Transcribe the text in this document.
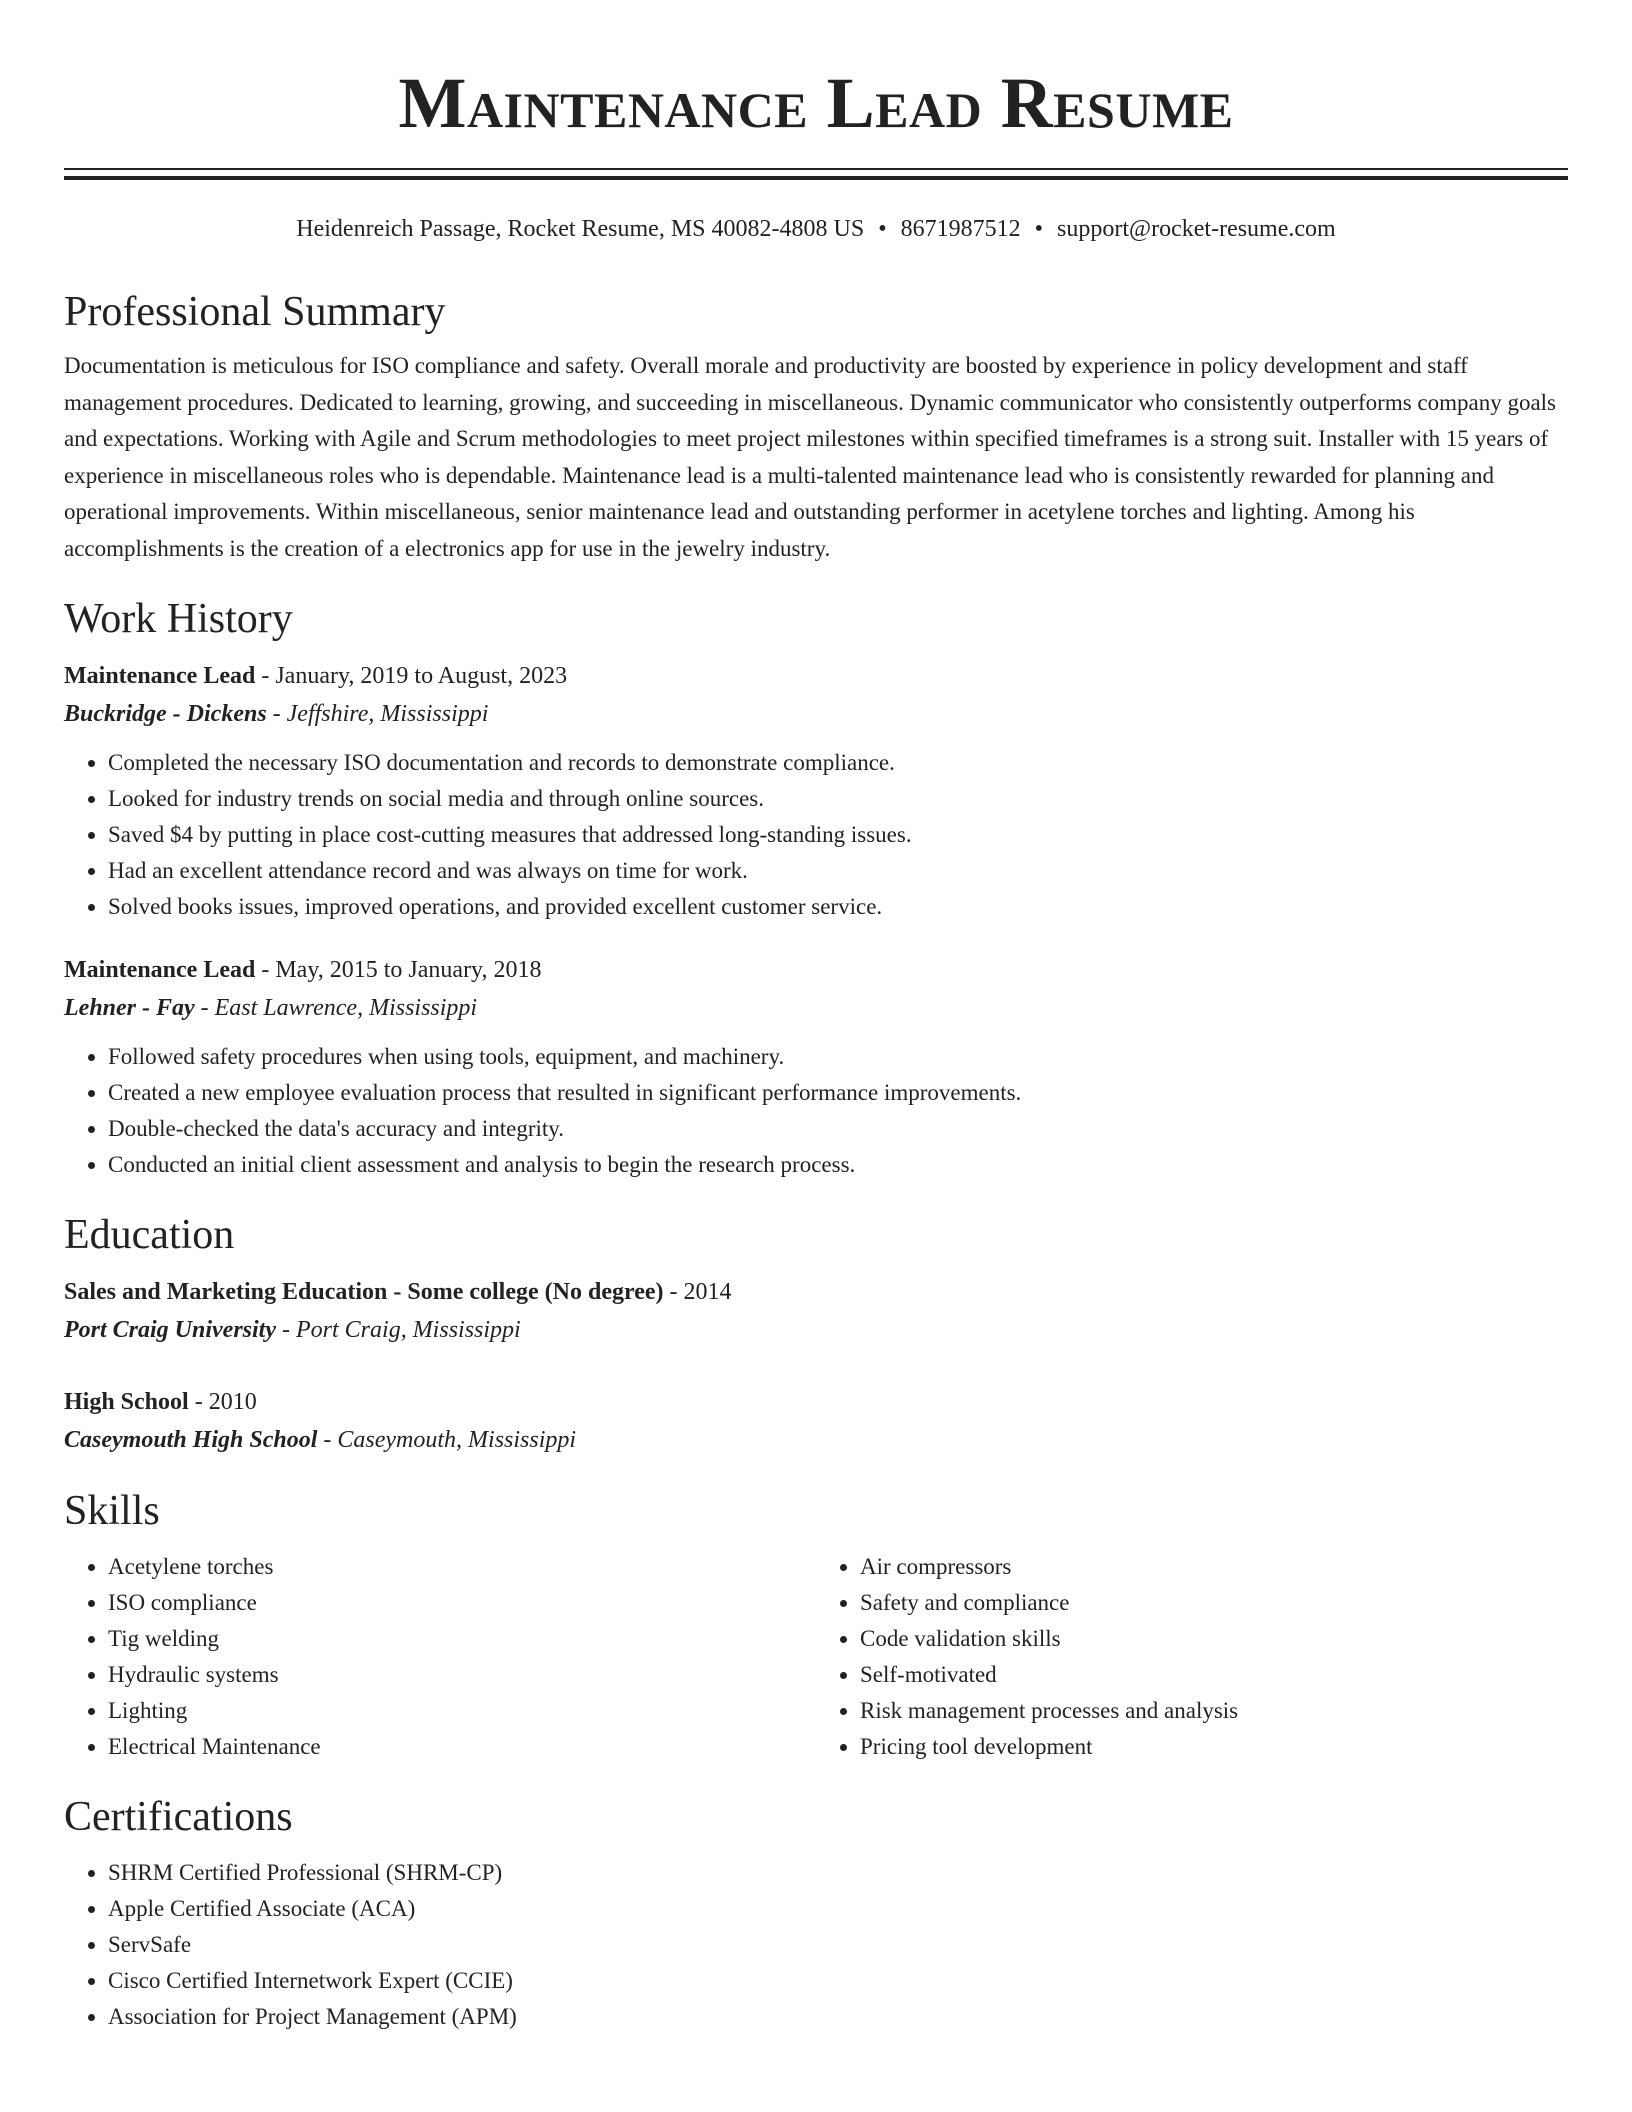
Maintenance Lead Resume
Heidenreich Passage, Rocket Resume, MS 40082-4808 US • 8671987512 • support@rocket-resume.com
Professional Summary

Documentation is meticulous for ISO compliance and safety. Overall morale and productivity are boosted by experience in policy development and staff management procedures. Dedicated to learning, growing, and succeeding in miscellaneous. Dynamic communicator who consistently outperforms company goals and expectations. Working with Agile and Scrum methodologies to meet project milestones within specified timeframes is a strong suit. Installer with 15 years of experience in miscellaneous roles who is dependable. Maintenance lead is a multi-talented maintenance lead who is consistently rewarded for planning and operational improvements. Within miscellaneous, senior maintenance lead and outstanding performer in acetylene torches and lighting. Among his accomplishments is the creation of a electronics app for use in the jewelry industry.

Work History
Maintenance Lead - January, 2019 to August, 2023
Buckridge - Dickens - Jeffshire, Mississippi
• Completed the necessary ISO documentation and records to demonstrate compliance.
• Looked for industry trends on social media and through online sources.
• Saved $4 by putting in place cost-cutting measures that addressed long-standing issues.
• Had an excellent attendance record and was always on time for work.
• Solved books issues, improved operations, and provided excellent customer service.
Maintenance Lead - May, 2015 to January, 2018
Lehner - Fay - East Lawrence, Mississippi
• Followed safety procedures when using tools, equipment, and machinery.
• Created a new employee evaluation process that resulted in significant performance improvements.
• Double-checked the data's accuracy and integrity.
• Conducted an initial client assessment and analysis to begin the research process.
Education
Sales and Marketing Education - Some college (No degree) - 2014
Port Craig University - Port Craig, Mississippi
High School - 2010
Caseymouth High School - Caseymouth, Mississippi
Skills
• Acetylene torches
• ISO compliance
• Tig welding
• Hydraulic systems
• Lighting
• Electrical Maintenance
• Air compressors
• Safety and compliance
• Code validation skills
• Self-motivated
• Risk management processes and analysis
• Pricing tool development
Certifications
• SHRM Certified Professional (SHRM-CP)
• Apple Certified Associate (ACA)
• ServSafe
• Cisco Certified Internetwork Expert (CCIE)
• Association for Project Management (APM)
